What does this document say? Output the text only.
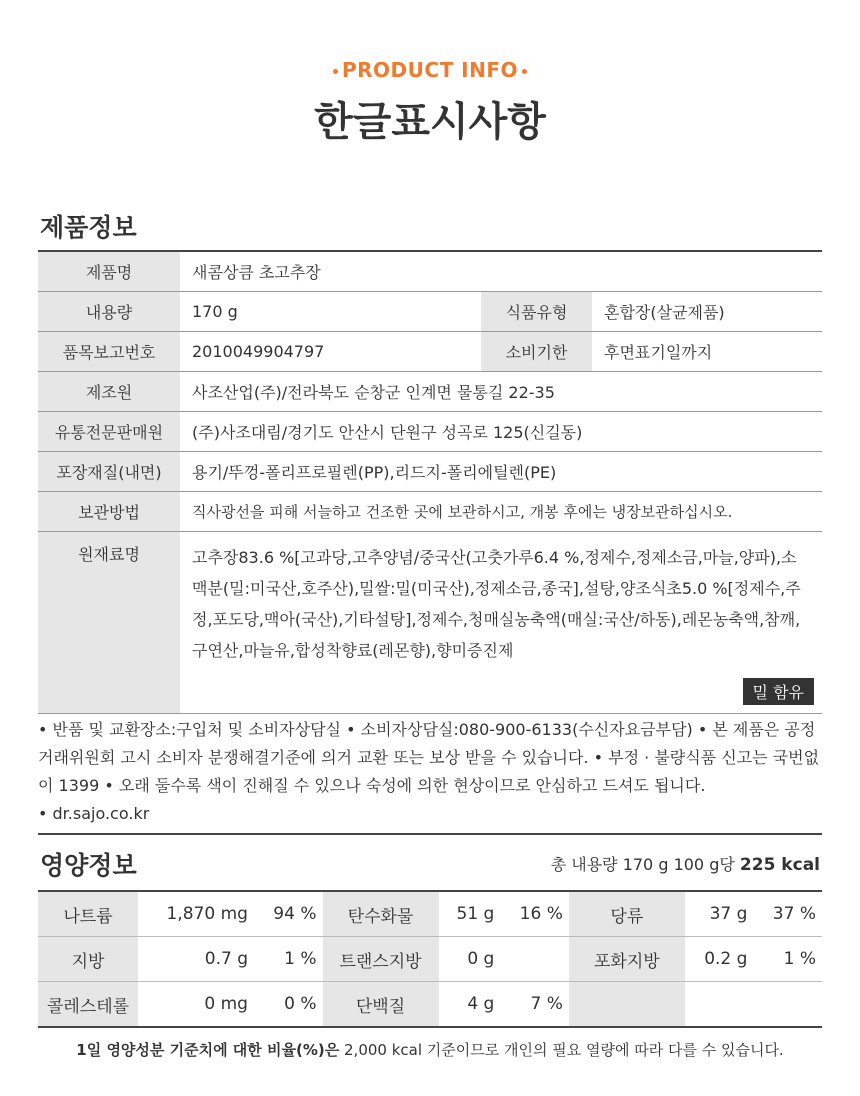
PRODUCT INFO
한글표시사항
제품정보
제품명	새콤상큼 초고추장		
내용량	170 g	식품유형	혼합장(살균제품)
품목보고번호	2010049904797	소비기한	후면표기일까지
제조원	사조산업(주)/전라북도 순창군 인계면 물통길 22-35		
유통전문판매원	(주)사조대림/경기도 안산시 단원구 성곡로 125(신길동)		
포장재질(내면)	용기/뚜껑-폴리프로필렌(PP),리드지-폴리에틸렌(PE)		
보관방법	직사광선을 피해 서늘하고 건조한 곳에 보관하시고, 개봉 후에는 냉장보관하십시오.		
원재료명	고추장83.6 %[고과당,고추양념/중국산(고춧가루6.4 %,정제수,정제소금,마늘,양파),소맥분(밀:미국산,호주산),밀쌀:밀(미국산),정제소금,종국],설탕,양조식초5.0 %[정제수,주정,포도당,맥아(국산),기타설탕],정제수,청매실농축액(매실:국산/하동),레몬농축액,참깨,구연산,마늘유,합성착향료(레몬향),향미증진제
밀 함유		
• 반품 및 교환장소:구입처 및 소비자상담실 • 소비자상담실:080-900-6133(수신자요금부담) • 본 제품은 공정거래위원회 고시 소비자 분쟁해결기준에 의거 교환 또는 보상 받을 수 있습니다. • 부정 · 불량식품 신고는 국번없이 1399 • 오래 둘수록 색이 진해질 수 있으나 숙성에 의한 현상이므로 안심하고 드셔도 됩니다.
• dr.sajo.co.kr
영양정보	총 내용량 170 g 100 g당 225 kcal
나트륨	1,870 mg	94 %	탄수화물	51 g	16 %	당류	37 g	37 %
지방	0.7 g	1 %	트랜스지방	0 g		포화지방	0.2 g	1 %
콜레스테롤	0 mg	0 %	단백질	4 g	7 %			
1일 영양성분 기준치에 대한 비율(%)은 2,000 kcal 기준이므로 개인의 필요 열량에 따라 다를 수 있습니다.
